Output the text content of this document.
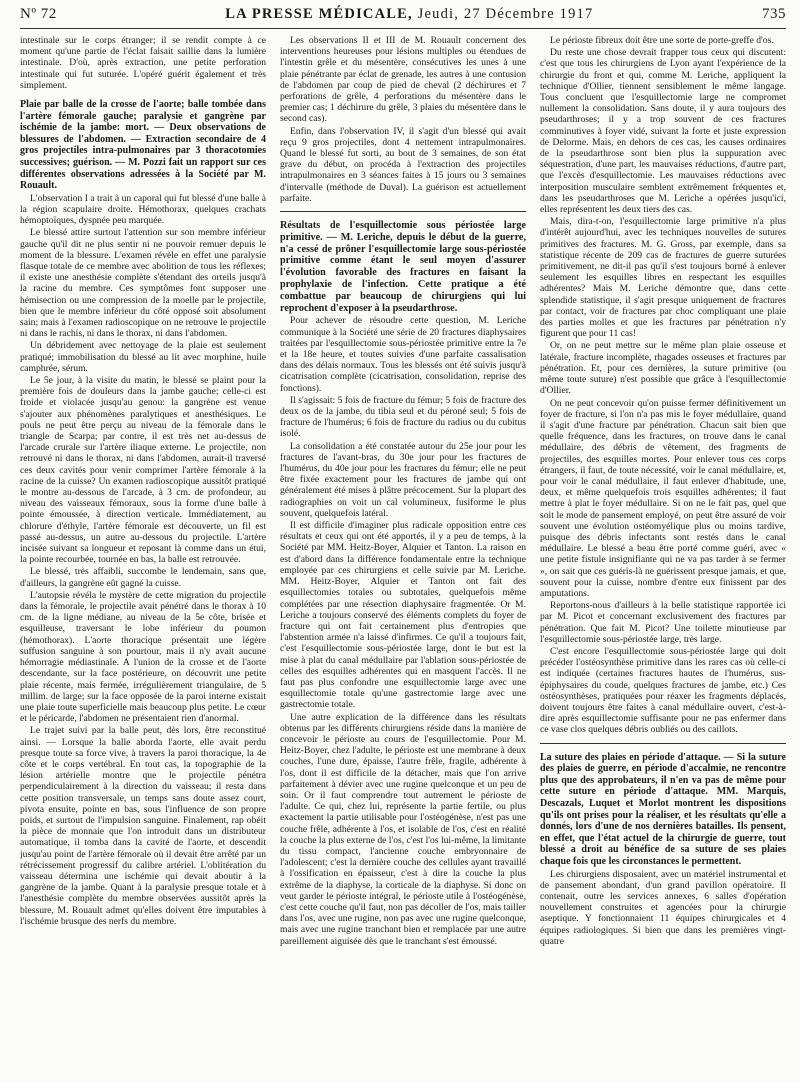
Nº 72	LA PRESSE MÉDICALE, Jeudi, 27 Décembre 1917	735

intestinale sur le corps étranger; il se rendit compte à ce moment qu'une partie de l'éclat faisait saillie dans la lumière intestinale. D'où, après extraction, une petite perforation intestinale qui fut suturée. L'opéré guérit également et très simplement.

Plaie par balle de la crosse de l'aorte; balle tombée dans l'artère fémorale gauche; paralysie et gangrène par ischémie de la jambe: mort. — Deux observations de blessures de l'abdomen. — Extraction secondaire de 4 gros projectiles intra-pulmonaires par 3 thoracotomies successives; guérison. — M. Pozzi fait un rapport sur ces différentes observations adressées à la Société par M. Rouault.

L'observation I a trait à un caporal qui fut blessé d'une balle à la région scapulaire droite. Hémothorax, quelques crachats hémoptoïques, dyspnée peu marquée.

Le blessé attire surtout l'attention sur son membre inférieur gauche qu'il dit ne plus sentir ni ne pouvoir remuer depuis le moment de la blessure. L'examen révèle en effet une paralysie flasque totale de ce membre avec abolition de tous les réflexes; il existe une anesthésie complète s'étendant des orteils jusqu'à la racine du membre. Ces symptômes font supposer une hémisection ou une compression de la moelle par le projectile, bien que le membre inférieur du côté opposé soit absolument sain; mais à l'examen radioscopique on ne retrouve le projectile ni dans le rachis, ni dans le thorax, ni dans l'abdomen.

Un débridement avec nettoyage de la plaie est seulement pratiqué; immobilisation du blessé au lit avec morphine, huile camphrée, sérum.

Le 5e jour, à la visite du matin, le blessé se plaint pour la première fois de douleurs dans la jambe gauche; celle-ci est froide et violacée jusqu'au genou: la gangrène est venue s'ajouter aux phénomènes paralytiques et anesthésiques. Le pouls ne peut être perçu au niveau de la fémorale dans le triangle de Scarpa; par contre, il est très net au-dessus de l'arcade crurale sur l'artère iliaque externe. Le projectile, non retrouvé ni dans le thorax, ni dans l'abdomen, aurait-il traversé ces deux cavités pour venir comprimer l'artère fémorale à la racine de la cuisse? Un examen radioscopique aussitôt pratiqué le montre au-dessous de l'arcade, à 3 cm. de profondeur, au niveau des vaisseaux fémoraux, sous la forme d'une balle à pointe émoussée, à direction verticale. Immédiatement, au chlorure d'éthyle, l'artère fémorale est découverte, un fil est passé au-dessus, un autre au-dessous du projectile. L'artère incisée suivant sa longueur et reposant là comme dans un étui, la pointe recourbée, tournée en bas, la balle est retrouvée.

Le blessé, très affaibli, succombe le lendemain, sans que, d'ailleurs, la gangrène eût gagné la cuisse.

L'autopsie révéla le mystère de cette migration du projectile dans la fémorale, le projectile avait pénétré dans le thorax à 10 cm. de la ligne médiane, au niveau de la 5e côte, brisée et esquilleuse, traversant le lobe inférieur du poumon (hémothorax). L'aorte thoracique présentait une légère suffusion sanguine à son pourtour, mais il n'y avait aucune hémorragie médiastinale. A l'union de la crosse et de l'aorte descendante, sur la face postérieure, on découvrit une petite plaie récente, mais fermée, irrégulièrement triangulaire, de 5 millim. de large; sur la face opposée de la paroi interne existait une plaie toute superficielle mais beaucoup plus petite. Le cœur et le péricarde, l'abdomen ne présentaient rien d'anormal.

Le trajet suivi par la balle peut, dès lors, être reconstitué ainsi. — Lorsque la balle aborda l'aorte, elle avait perdu presque toute sa force vive, à travers la paroi thoracique, la 4e côte et le corps vertébral. En tout cas, la topographie de la lésion artérielle montre que le projectile pénétra perpendiculairement à la direction du vaisseau; il resta dans cette position transversale, un temps sans doute assez court, pivota ensuite, pointe en bas, sous l'influence de son propre poids, et surtout de l'impulsion sanguine. Finalement, rap obéit la pièce de monnaie que l'on introduit dans un distributeur automatique, il tomba dans la cavité de l'aorte, et descendit jusqu'au point de l'artère fémorale où il devait être arrêté par un rétrécissement progressif du calibre artériel. L'oblitération du vaisseau détermina une ischémie qui devait aboutir à la gangrène de la jambe. Quant à la paralysie presque totale et à l'anesthésie complète du membre observées aussitôt après la blessure, M. Rouault admet qu'elles doivent être imputables à l'ischémie brusque des nerfs du membre.

Les observations II et III de M. Rouault concernent des interventions heureuses pour lésions multiples ou étendues de l'intestin grêle et du mésentère, consécutives les unes à une plaie pénétrante par éclat de grenade, les autres à une contusion de l'abdomen par coup de pied de cheval (2 déchirures et 7 perforations de grêle, 4 perforations du mésentère dans le premier cas; 1 déchirure du grêle, 3 plaies du mésentère dans le second cas).

Enfin, dans l'observation IV, il s'agit d'un blessé qui avait reçu 9 gros projectiles, dont 4 nettement intrapulmonaires. Quand le blessé fut sorti, au bout de 3 semaines, de son état grave du début, on procéda à l'extraction des projectiles intrapulmonaires en 3 séances faites à 15 jours ou 3 semaines d'intervalle (méthode de Duval). La guérison est actuellement parfaite.

Résultats de l'esquillectomie sous périostée large primitive. — M. Leriche, depuis le début de la guerre, n'a cessé de prôner l'esquillectomie large sous-périostée primitive comme étant le seul moyen d'assurer l'évolution favorable des fractures en faisant la prophylaxie de l'infection. Cette pratique a été combattue par beaucoup de chirurgiens qui lui reprochent d'exposer à la pseudarthrose.

Pour achever de résoudre cette question, M. Leriche communique à la Société une série de 20 fractures diaphysaires traitées par l'esquillectomie sous-périostée primitive entre la 7e et la 18e heure, et toutes suivies d'une parfaite cassalisation dans des délais normaux. Tous les blessés ont été suivis jusqu'à cicatrisation complète (cicatrisation, consolidation, reprise des fonctions).

Il s'agissait: 5 fois de fracture du fémur; 5 fois de fracture des deux os de la jambe, du tibia seul et du péroné seul; 5 fois de fracture de l'humérus; 6 fois de fracture du radius ou du cubitus isolé.

La consolidation a été constatée autour du 25e jour pour les fractures de l'avant-bras, du 30e jour pour les fractures de l'humérus, du 40e jour pour les fractures du fémur; elle ne peut être fixée exactement pour les fractures de jambe qui ont généralement été mises à plâtre précocement. Sur la plupart des radiographies on voit un cal volumineux, fusiforme le plus souvent, quelquefois latéral.

Il est difficile d'imaginer plus radicale opposition entre ces résultats et ceux qui ont été apportés, il y a peu de temps, à la Société par MM. Heitz-Boyer, Alquier et Tanton. La raison en est d'abord dans la différence fondamentale entre la technique employée par ces chirurgiens et celle suivie par M. Leriche. MM. Heitz-Boyer, Alquier et Tanton ont fait des esquillectomies totales ou subtotales, quelquefois même complétées par une résection diaphysaire fragmentée. Or M. Leriche a toujours conservé des éléments complets du foyer de fracture qui ont fait certainement plus d'entropies que l'abstention armée n'a laissé d'infirmes. Ce qu'il a toujours fait, c'est l'esquillectomie sous-périostée large, dont le but est la mise à plat du canal médullaire par l'ablation sous-périostée de celles des esquilles adhérentes qui en masquent l'accès. Il ne faut pas plus confondre une esquillectomie large avec une esquillectomie totale qu'une gastrectomie large avec une gastrectomie totale.

Une autre explication de la différence dans les résultats obtenus par les différents chirurgiens réside dans la manière de concevoir le périoste au cours de l'esquillectomie. Pour M. Heitz-Boyer, chez l'adulte, le périoste est une membrane à deux couches, l'une dure, épaisse, l'autre frêle, fragile, adhérente à l'os, dont il est difficile de la détacher, mais que l'on arrive parfaitement à dévier avec une rugine quelconque et un peu de soin. Or il faut comprendre tout autrement le périoste de l'adulte. Ce qui, chez lui, représente la partie fertile, ou plus exactement la partie utilisable pour l'ostéogénèse, n'est pas une couche frêle, adhérente à l'os, et isolable de l'os, c'est en réalité la couche la plus externe de l'os, c'est l'os lui-même, la limitante du tissu compact, l'ancienne couche embryonnaire de l'adolescent; c'est la dernière couche des cellules ayant travaillé à l'ossification en épaisseur, c'est à dire la couche la plus extrême de la diaphyse, la corticale de la diaphyse. Si donc on veut garder le périoste intégral, le périoste utile à l'ostéogénèse, c'est cette couche qu'il faut, non pas décoller de l'os, mais tailler dans l'os, avec une rugine, non pas avec une rugine quelconque, mais avec une rugine tranchant bien et remplacée par une autre pareillement aiguisée dès que le tranchant s'est émoussé.

Le périoste fibreux doit être une sorte de porte-greffe d'os.

Du reste une chose devrait frapper tous ceux qui discutent: c'est que tous les chirurgiens de Lyon ayant l'expérience de la chirurgie du front et qui, comme M. Leriche, appliquent la technique d'Ollier, tiennent sensiblement le même langage. Tous concluent que l'esquillectomie large ne compromet nullement la consolidation. Sans doute, il y aura toujours des pseudarthroses; il y a trop souvent de ces fractures comminutives à foyer vidé, suivant la forte et juste expression de Delorme. Mais, en dehors de ces cas, les causes ordinaires de la pseudarthrose sont bien plus la suppuration avec séquestration, d'une part, les mauvaises réductions, d'autre part, que l'excès d'esquillectomie. Les mauvaises réductions avec interposition musculaire semblent extrêmement fréquentes et, dans les pseudarthroses que M. Leriche a opérées jusqu'ici, elles représentent les deux tiers des cas.

Mais, dira-t-on, l'esquillectomie large primitive n'a plus d'intérêt aujourd'hui, avec les techniques nouvelles de sutures primitives des fractures. M. G. Gross, par exemple, dans sa statistique récente de 209 cas de fractures de guerre suturées primitivement, ne dit-il pas qu'il s'est toujours borné à enlever seulement les esquilles libres en respectant les esquilles adhérentes? Mais M. Leriche démontre que, dans cette splendide statistique, il s'agit presque uniquement de fractures par contact, voir de fractures par choc compliquant une plaie des parties molles et que les fractures par pénétration n'y figurent que pour 11 cas!

Or, on ne peut mettre sur le même plan plaie osseuse et latérale, fracture incomplète, rhagades osseuses et fractures par pénétration. Et, pour ces dernières, la suture primitive (ou même toute suture) n'est possible que grâce à l'esquillectomie d'Ollier.

On ne peut concevoir qu'on puisse fermer définitivement un foyer de fracture, si l'on n'a pas mis le foyer médullaire, quand il s'agit d'une fracture par pénétration. Chacun sait bien que quelle fréquence, dans les fractures, on trouve dans le canal médullaire, des débris de vêtement, des fragments de projectiles, des esquilles mortes. Pour enlever tous ces corps étrangers, il faut, de toute nécessité, voir le canal médullaire, et, pour voir le canal médullaire, il faut enlever d'habitude, une, deux, et même quelquefois trois esquilles adhérentes; il faut mettre à plat le foyer médullaire. Si on ne le fait pas, quel que soit le mode de pansement employé, on peut être assuré de voir souvent une évolution ostéomyélique plus ou moins tardive, puisque des débris infectants sont restés dans le canal médullaire. Le blessé a beau être porté comme guéri, avec « une petite fistule insignifiante qui ne va pas tarder à se fermer », on sait que ces guéris-là ne guérissent presque jamais, et que, souvent pour la cuisse, nombre d'entre eux finissent par des amputations.

Reportons-nous d'ailleurs à la belle statistique rapportée ici par M. Picot et concernant exclusivement des fractures par pénétration. Que fait M. Picot? Une toilette minutieuse par l'esquillectomie sous-périostée large, très large.

C'est encore l'esquillectomie sous-périostée large qui doit précéder l'ostéosynthèse primitive dans les rares cas où celle-ci est indiquée (certaines fractures hautes de l'humérus, sus-épiphysaires du coude, quelques fractures de jambe, etc.) Ces ostéosynthèses, pratiquées pour réaxer les fragments déplacés, doivent toujours être faites à canal médullaire ouvert, c'est-à-dire après esquillectomie suffisante pour ne pas enfermer dans ce vase clos quelques débris oubliés ou des caillots.

La suture des plaies en période d'attaque. — Si la suture des plaies de guerre, en période d'accalmie, ne rencontre plus que des approbateurs, il n'en va pas de même pour cette suture en période d'attaque. MM. Marquis, Descazals, Luquet et Morlot montrent les dispositions qu'ils ont prises pour la réaliser, et les résultats qu'elle a donnés, lors d'une de nos dernières batailles. Ils pensent, en effet, que l'état actuel de la chirurgie de guerre, tout blessé a droit au bénéfice de sa suture de ses plaies chaque fois que les circonstances le permettent.

Les chirurgiens disposaient, avec un matériel instrumental et de pansement abondant, d'un grand pavillon opératoire. Il contenait, outre les services annexes, 6 salles d'opération nouvellement construites et agencées pour la chirurgie aseptique. Y fonctionnaient 11 équipes chirurgicales et 4 équipes radiologiques. Si bien que dans les premières vingt-quatre
